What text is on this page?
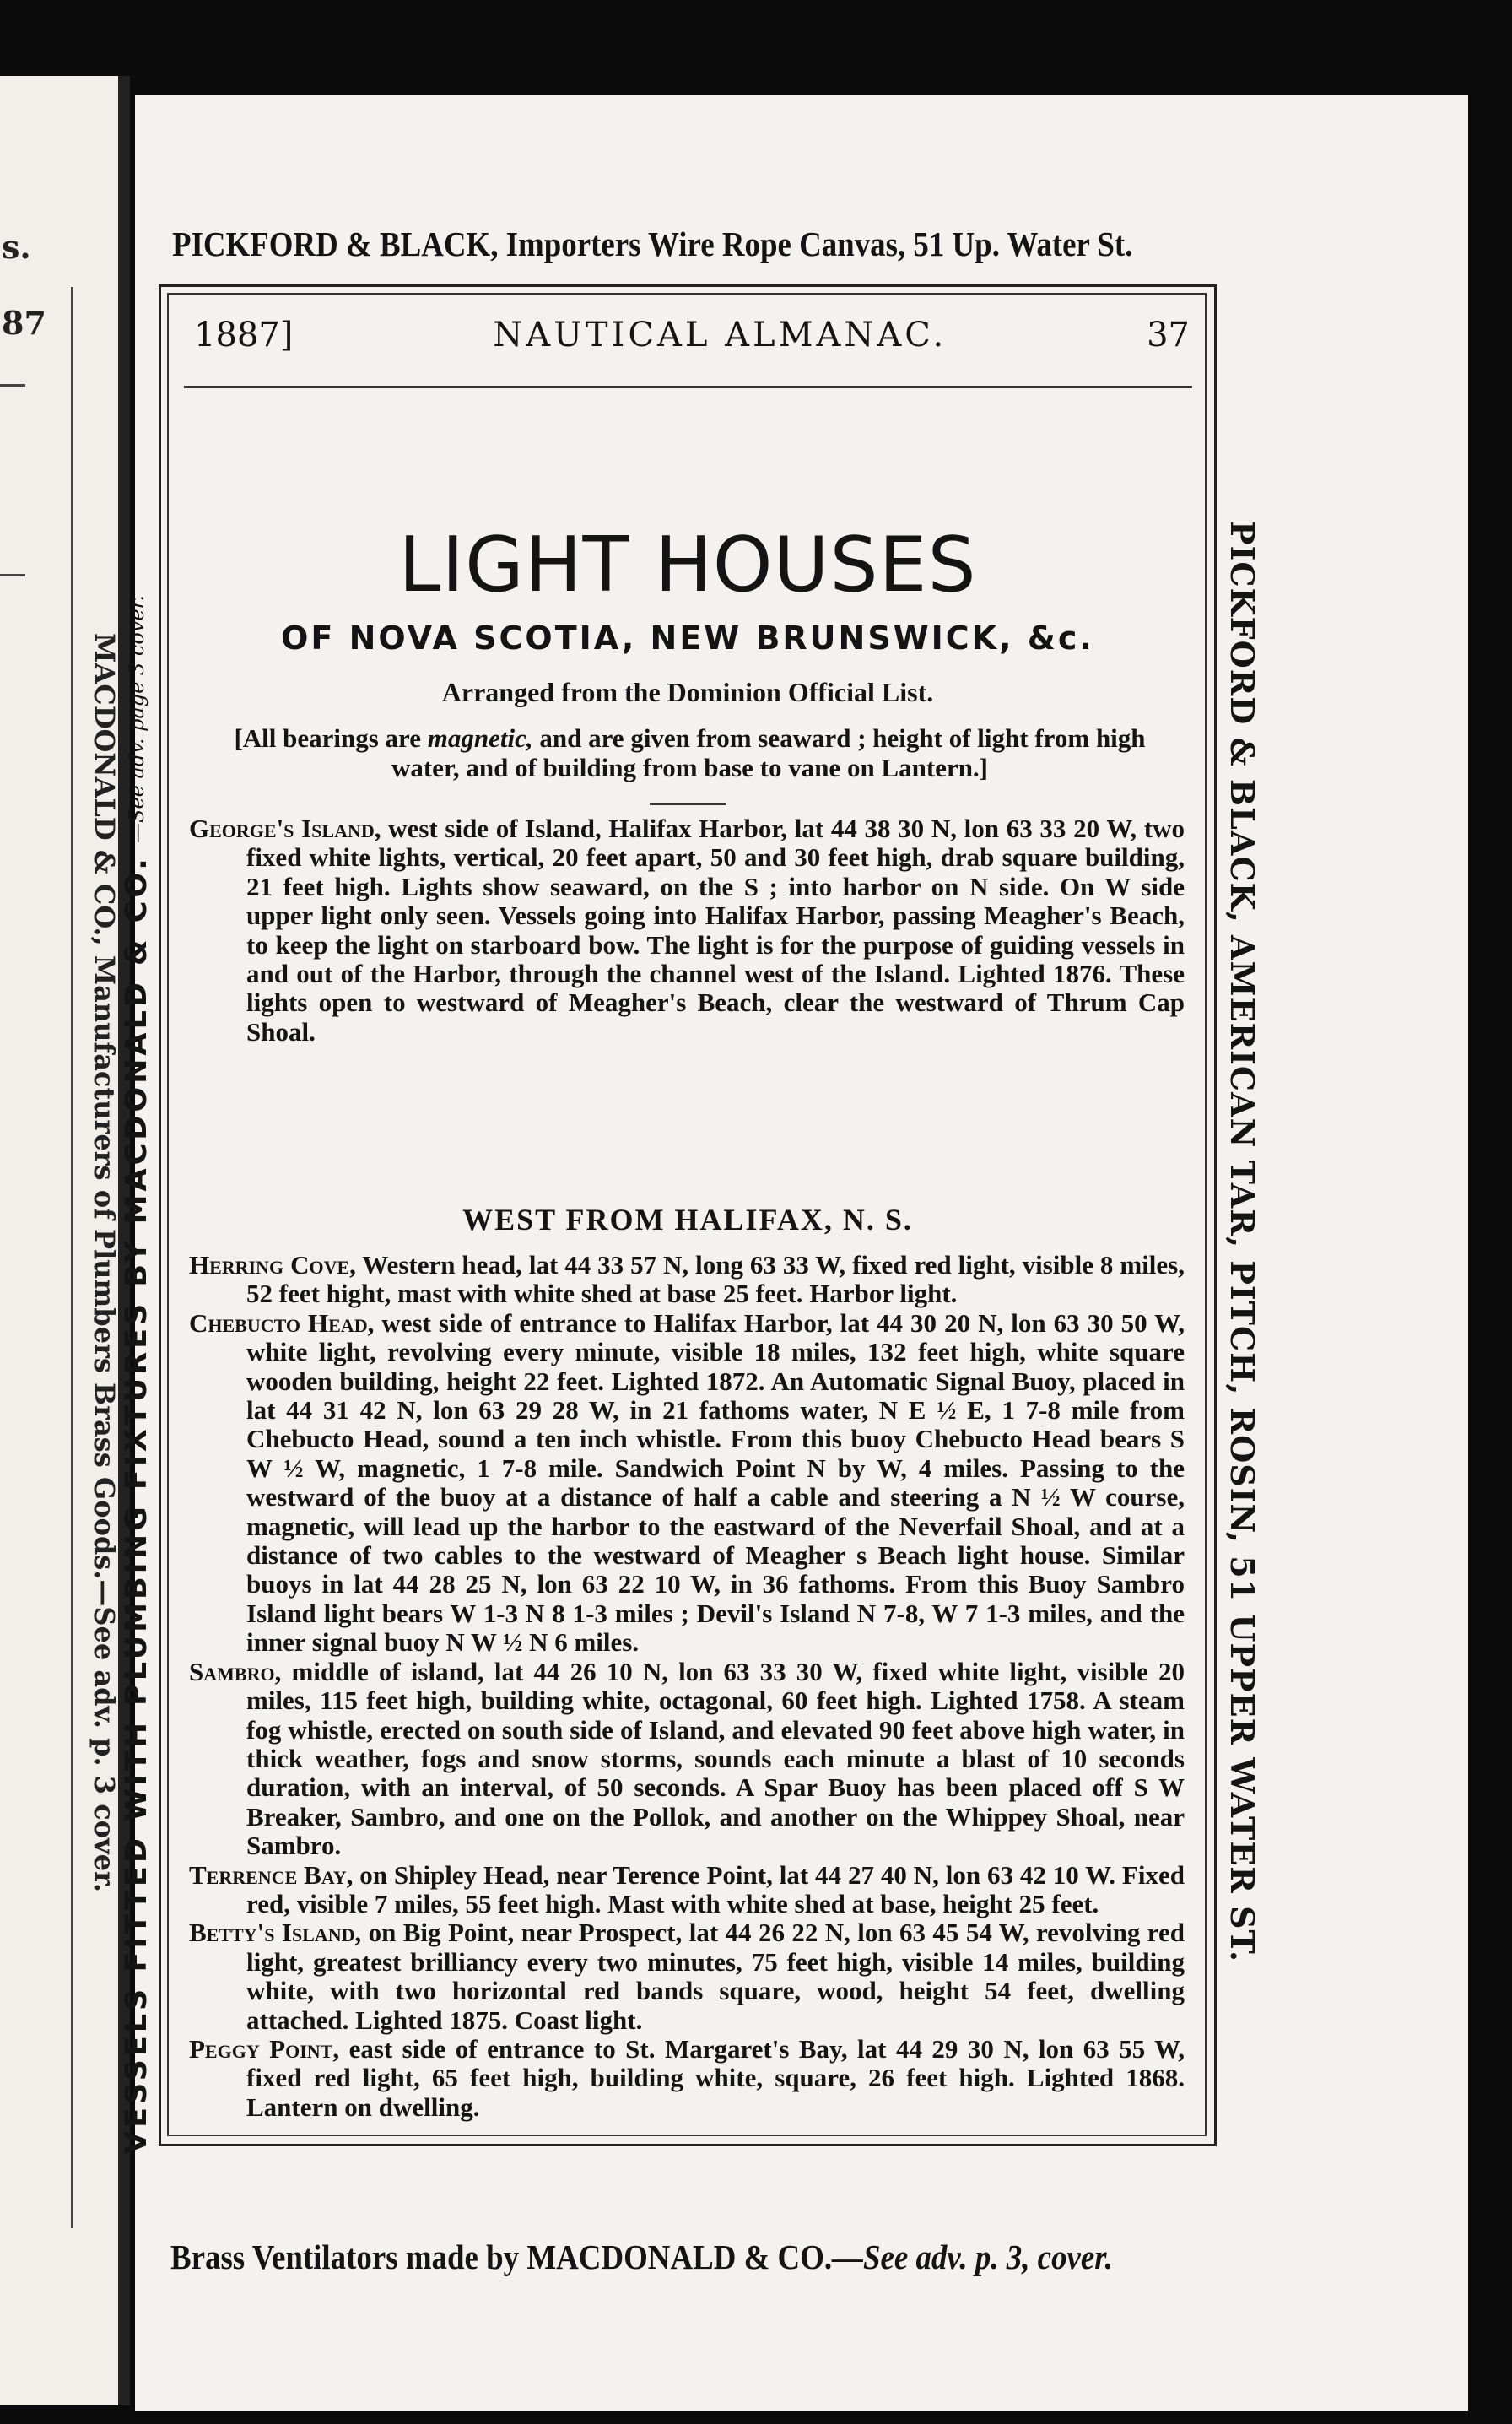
s.
87
MACDONALD & CO., Manufacturers of Plumbers Brass Goods.—See adv. p. 3 cover.
PICKFORD & BLACK, Importers Wire Rope Canvas, 51 Up. Water St.
VESSELS FITTED WITH PLUMBING FIXTURES BY MACDONALD & CO.
—See adv. page 3 cover.	PICKFORD & BLACK, AMERICAN TAR, PITCH, ROSIN, 51 UPPER WATER ST.
1887]	NAUTICAL ALMANAC.	37
LIGHT HOUSES
OF NOVA SCOTIA, NEW BRUNSWICK, &c.
Arranged from the Dominion Official List.
[All bearings are magnetic, and are given from seaward ; height of light from high water, and of building from base to vane on Lantern.]
George's Island, west side of Island, Halifax Harbor, lat 44 38 30 N, lon 63 33 20 W, two fixed white lights, vertical, 20 feet apart, 50 and 30 feet high, drab square building, 21 feet high. Lights show seaward, on the S ; into harbor on N side. On W side upper light only seen. Vessels going into Halifax Harbor, passing Meagher's Beach, to keep the light on starboard bow. The light is for the purpose of guiding vessels in and out of the Harbor, through the channel west of the Island. Lighted 1876. These lights open to westward of Meagher's Beach, clear the westward of Thrum Cap Shoal.
WEST FROM HALIFAX, N. S.
Herring Cove, Western head, lat 44 33 57 N, long 63 33 W, fixed red light, visible 8 miles, 52 feet hight, mast with white shed at base 25 feet. Harbor light.
Chebucto Head, west side of entrance to Halifax Harbor, lat 44 30 20 N, lon 63 30 50 W, white light, revolving every minute, visible 18 miles, 132 feet high, white square wooden building, height 22 feet. Lighted 1872. An Automatic Signal Buoy, placed in lat 44 31 42 N, lon 63 29 28 W, in 21 fathoms water, N E ½ E, 1 7-8 mile from Chebucto Head, sound a ten inch whistle. From this buoy Chebucto Head bears S W ½ W, magnetic, 1 7-8 mile. Sandwich Point N by W, 4 miles. Passing to the westward of the buoy at a distance of half a cable and steering a N ½ W course, magnetic, will lead up the harbor to the eastward of the Neverfail Shoal, and at a distance of two cables to the westward of Meagher s Beach light house. Similar buoys in lat 44 28 25 N, lon 63 22 10 W, in 36 fathoms. From this Buoy Sambro Island light bears W 1-3 N 8 1-3 miles ; Devil's Island N 7-8, W 7 1-3 miles, and the inner signal buoy N W ½ N 6 miles.
Sambro, middle of island, lat 44 26 10 N, lon 63 33 30 W, fixed white light, visible 20 miles, 115 feet high, building white, octagonal, 60 feet high. Lighted 1758. A steam fog whistle, erected on south side of Island, and elevated 90 feet above high water, in thick weather, fogs and snow storms, sounds each minute a blast of 10 seconds duration, with an interval, of 50 seconds. A Spar Buoy has been placed off S W Breaker, Sambro, and one on the Pollok, and another on the Whippey Shoal, near Sambro.
Terrence Bay, on Shipley Head, near Terence Point, lat 44 27 40 N, lon 63 42 10 W. Fixed red, visible 7 miles, 55 feet high. Mast with white shed at base, height 25 feet.
Betty's Island, on Big Point, near Prospect, lat 44 26 22 N, lon 63 45 54 W, revolving red light, greatest brilliancy every two minutes, 75 feet high, visible 14 miles, building white, with two horizontal red bands square, wood, height 54 feet, dwelling attached. Lighted 1875. Coast light.
Peggy Point, east side of entrance to St. Margaret's Bay, lat 44 29 30 N, lon 63 55 W, fixed red light, 65 feet high, building white, square, 26 feet high. Lighted 1868. Lantern on dwelling.
Brass Ventilators made by MACDONALD & CO.—See adv. p. 3, cover.
